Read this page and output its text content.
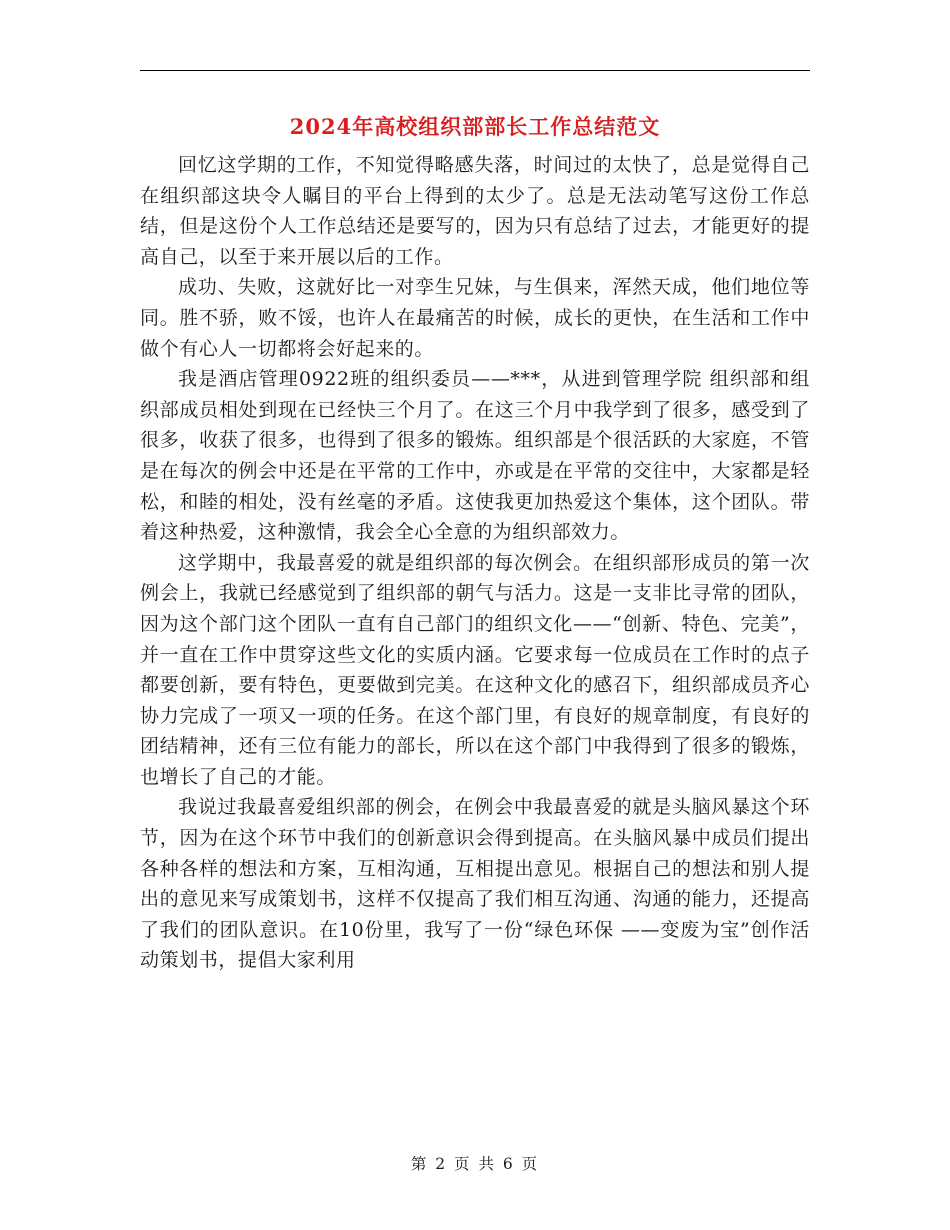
2024年高校组织部部长工作总结范文

回忆这学期的工作，不知觉得略感失落，时间过的太快了，总是觉得自己在组织部这块令人瞩目的平台上得到的太少了。总是无法动笔写这份工作总结，但是这份个人工作总结还是要写的，因为只有总结了过去，才能更好的提高自己，以至于来开展以后的工作。

成功、失败，这就好比一对孪生兄妹，与生俱来，浑然天成，他们地位等同。胜不骄，败不馁，也许人在最痛苦的时候，成长的更快，在生活和工作中做个有心人一切都将会好起来的。

我是酒店管理0922班的组织委员——***，从进到管理学院 组织部和组织部成员相处到现在已经快三个月了。在这三个月中我学到了很多，感受到了很多，收获了很多，也得到了很多的锻炼。组织部是个很活跃的大家庭，不管是在每次的例会中还是在平常的工作中，亦或是在平常的交往中，大家都是轻松，和睦的相处，没有丝毫的矛盾。这使我更加热爱这个集体，这个团队。带着这种热爱，这种激情，我会全心全意的为组织部效力。

这学期中，我最喜爱的就是组织部的每次例会。在组织部形成员的第一次例会上，我就已经感觉到了组织部的朝气与活力。这是一支非比寻常的团队，因为这个部门这个团队一直有自己部门的组织文化——“创新、特色、完美”，并一直在工作中贯穿这些文化的实质内涵。它要求每一位成员在工作时的点子都要创新，要有特色，更要做到完美。在这种文化的感召下，组织部成员齐心协力完成了一项又一项的任务。在这个部门里，有良好的规章制度，有良好的团结精神，还有三位有能力的部长，所以在这个部门中我得到了很多的锻炼，也增长了自己的才能。

我说过我最喜爱组织部的例会，在例会中我最喜爱的就是头脑风暴这个环节，因为在这个环节中我们的创新意识会得到提高。在头脑风暴中成员们提出各种各样的想法和方案，互相沟通，互相提出意见。根据自己的想法和别人提出的意见来写成策划书，这样不仅提高了我们相互沟通、沟通的能力，还提高了我们的团队意识。在10份里，我写了一份“绿色环保 ——变废为宝”创作活动策划书，提倡大家利用

第 2 页 共 6 页
